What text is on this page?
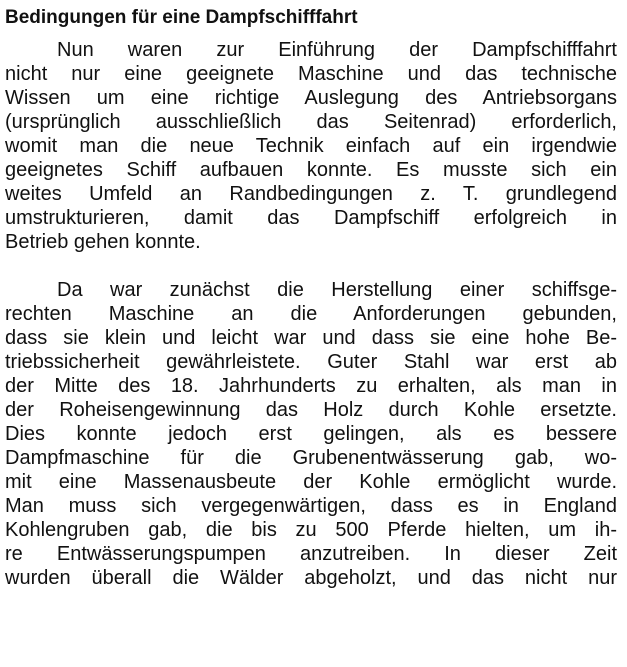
Bedingungen für eine Dampfschifffahrt
Nun waren zur Einführung der Dampfschifffahrt
nicht nur eine geeignete Maschine und das technische
Wissen um eine richtige Auslegung des Antriebsorgans
(ursprünglich ausschließlich das Seitenrad) erforderlich,
womit man die neue Technik einfach auf ein irgendwie
geeignetes Schiff aufbauen konnte. Es musste sich ein
weites Umfeld an Randbedingungen z. T. grundlegend
umstrukturieren, damit das Dampfschiff erfolgreich in
Betrieb gehen konnte.
Da war zunächst die Herstellung einer schiffsge-
rechten Maschine an die Anforderungen gebunden,
dass sie klein und leicht war und dass sie eine hohe Be-
triebssicherheit gewährleistete. Guter Stahl war erst ab
der Mitte des 18. Jahrhunderts zu erhalten, als man in
der Roheisengewinnung das Holz durch Kohle ersetzte.
Dies konnte jedoch erst gelingen, als es bessere
Dampfmaschine für die Grubenentwässerung gab, wo-
mit eine Massenausbeute der Kohle ermöglicht wurde.
Man muss sich vergegenwärtigen, dass es in England
Kohlengruben gab, die bis zu 500 Pferde hielten, um ih-
re Entwässerungspumpen anzutreiben. In dieser Zeit
wurden überall die Wälder abgeholzt, und das nicht nur
